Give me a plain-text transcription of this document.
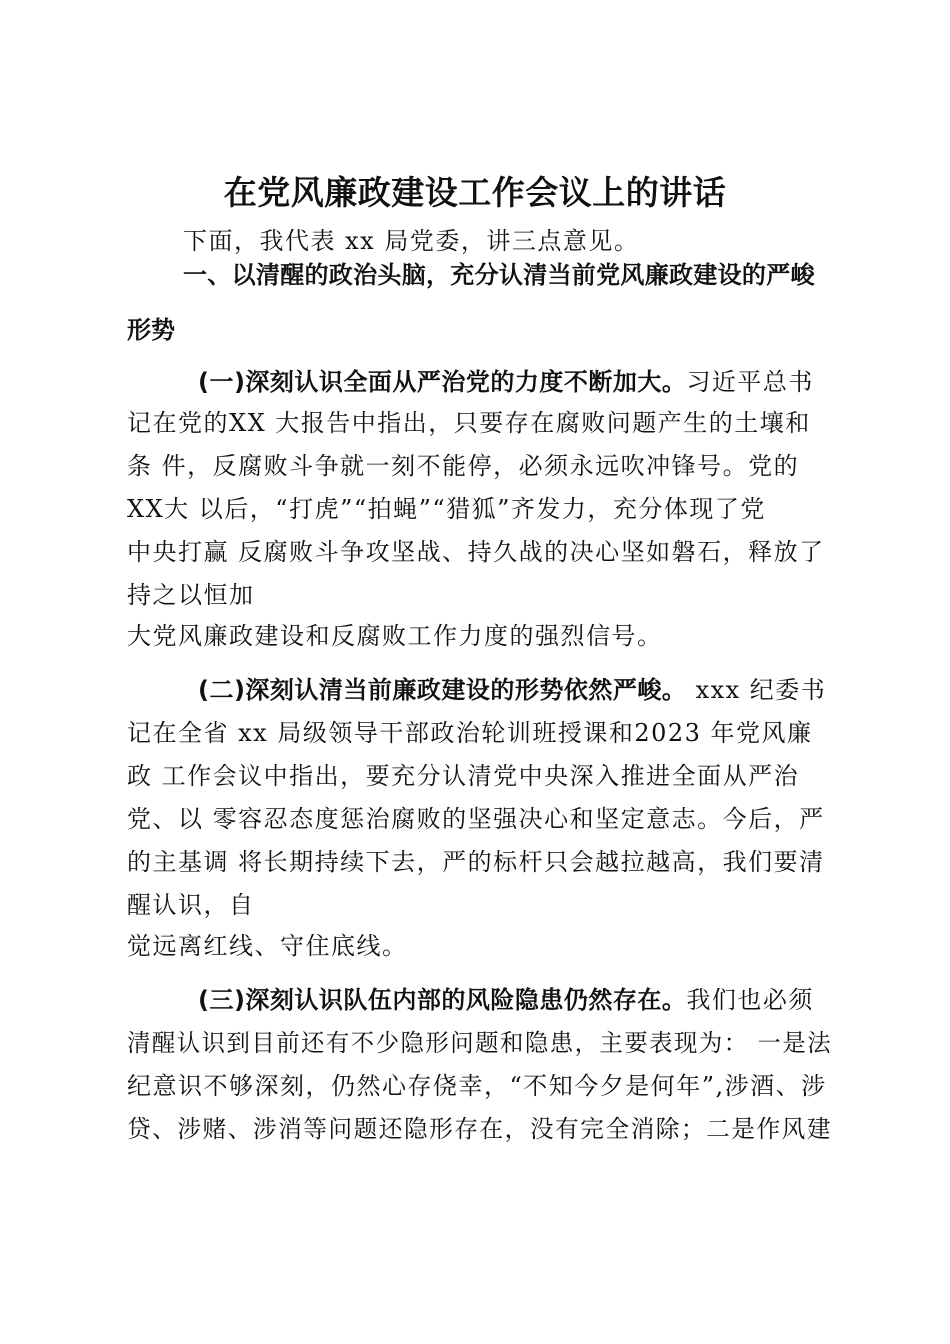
在党风廉政建设工作会议上的讲话
下面，我代表 xx 局党委，讲三点意见。
一、以清醒的政治头脑，充分认清当前党风廉政建设的严峻
形势
(一)深刻认识全面从严治党的力度不断加大。习近平总书
记在党的XX 大报告中指出，只要存在腐败问题产生的土壤和
条 件，反腐败斗争就一刻不能停，必须永远吹冲锋号。党的
XX大 以后，“打虎”“拍蝇”“猎狐”齐发力，充分体现了党
中央打赢 反腐败斗争攻坚战、持久战的决心坚如磐石，释放了
持之以恒加
大党风廉政建设和反腐败工作力度的强烈信号。
(二)深刻认清当前廉政建设的形势依然严峻。 xxx 纪委书
记在全省 xx 局级领导干部政治轮训班授课和2023 年党风廉
政 工作会议中指出，要充分认清党中央深入推进全面从严治
党、以 零容忍态度惩治腐败的坚强决心和坚定意志。今后，严
的主基调 将长期持续下去，严的标杆只会越拉越高，我们要清
醒认识，自
觉远离红线、守住底线。
(三)深刻认识队伍内部的风险隐患仍然存在。我们也必须
清醒认识到目前还有不少隐形问题和隐患，主要表现为： 一是法
纪意识不够深刻，仍然心存侥幸，“不知今夕是何年”,涉酒、涉
贷、涉赌、涉消等问题还隐形存在，没有完全消除；二是作风建
